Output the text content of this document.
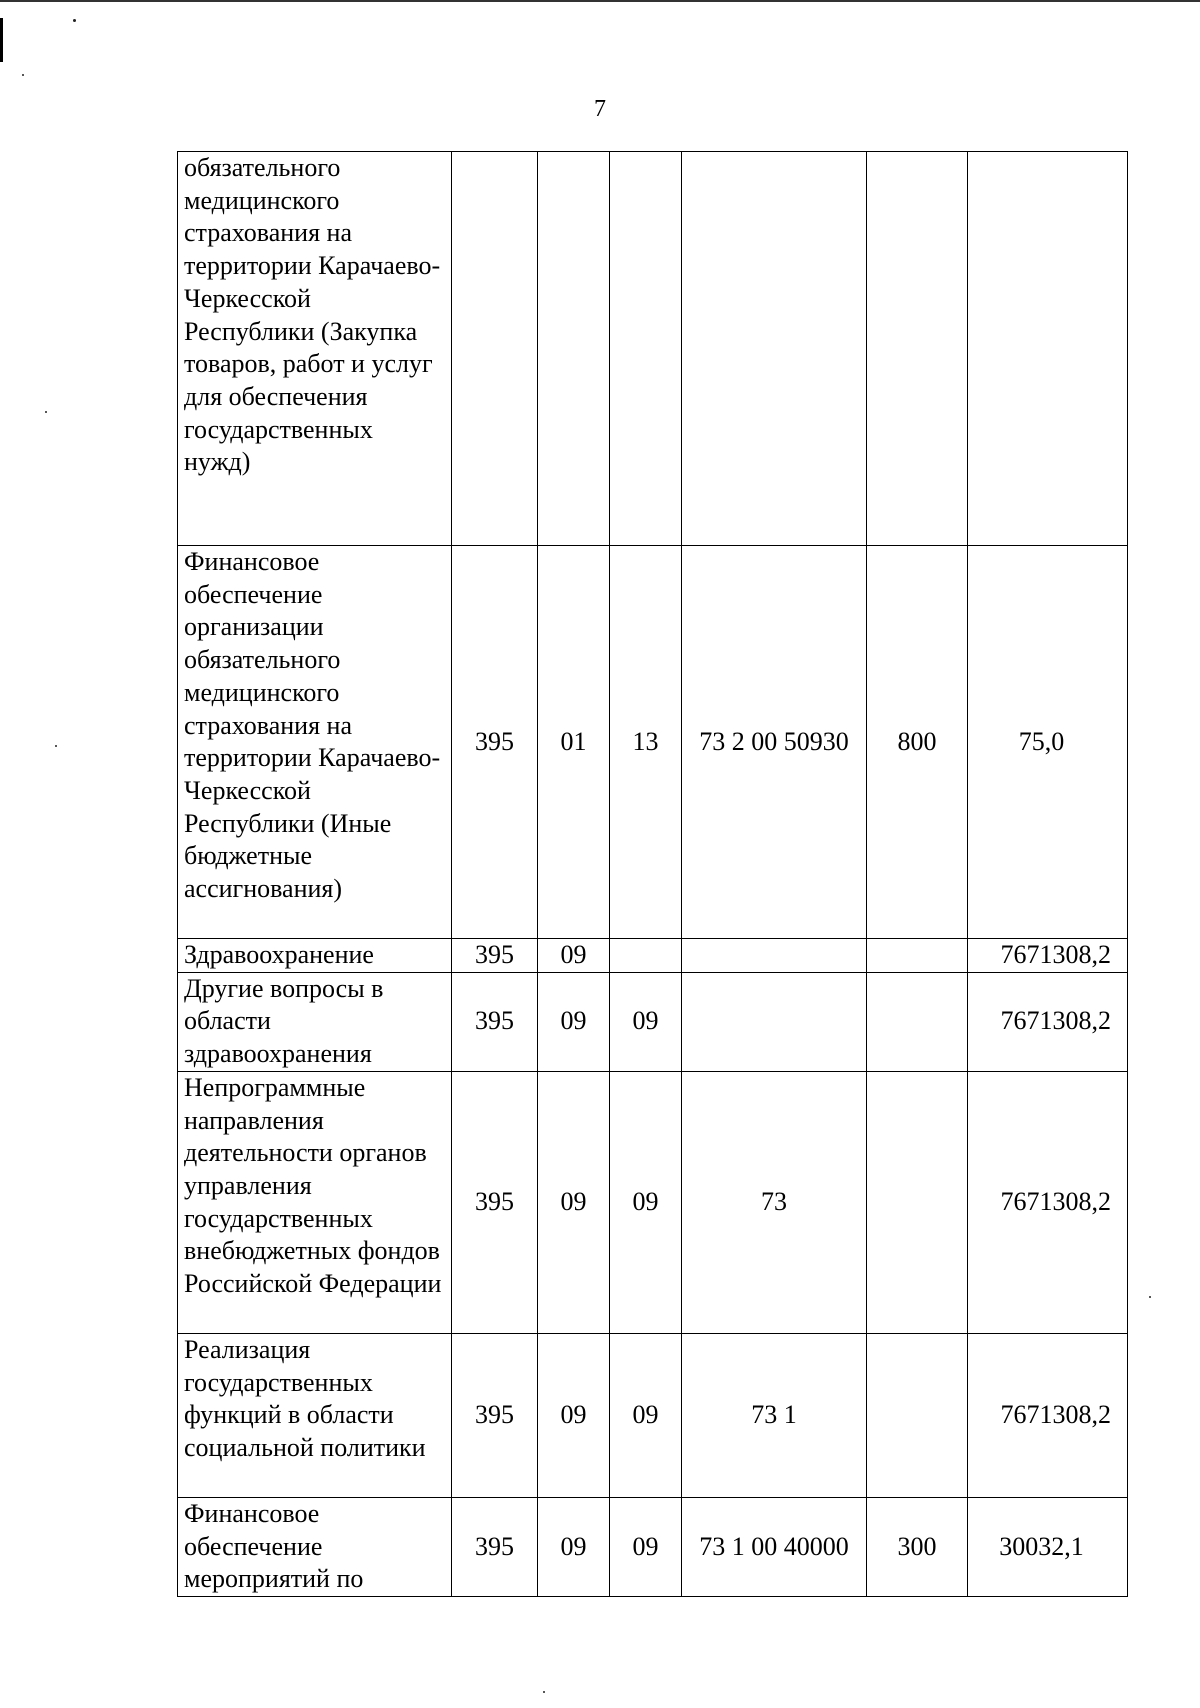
7
обязательного медицинского страхования на территории Карачаево-Черкесской Республики (Закупка товаров, работ и услуг для обеспечения государственных нужд)						
Финансовое обеспечение организации обязательного медицинского страхования на территории Карачаево-Черкесской Республики (Иные бюджетные ассигнования)	395	01	13	73 2 00 50930	800	75,0
Здравоохранение	395	09				7671308,2
Другие вопросы в области здравоохранения	395	09	09			7671308,2
Непрограммные направления деятельности органов управления государственных внебюджетных фондов Российской Федерации	395	09	09	73		7671308,2
Реализация государственных функций в области социальной политики	395	09	09	73 1		7671308,2
Финансовое обеспечение мероприятий по	395	09	09	73 1 00 40000	300	30032,1
